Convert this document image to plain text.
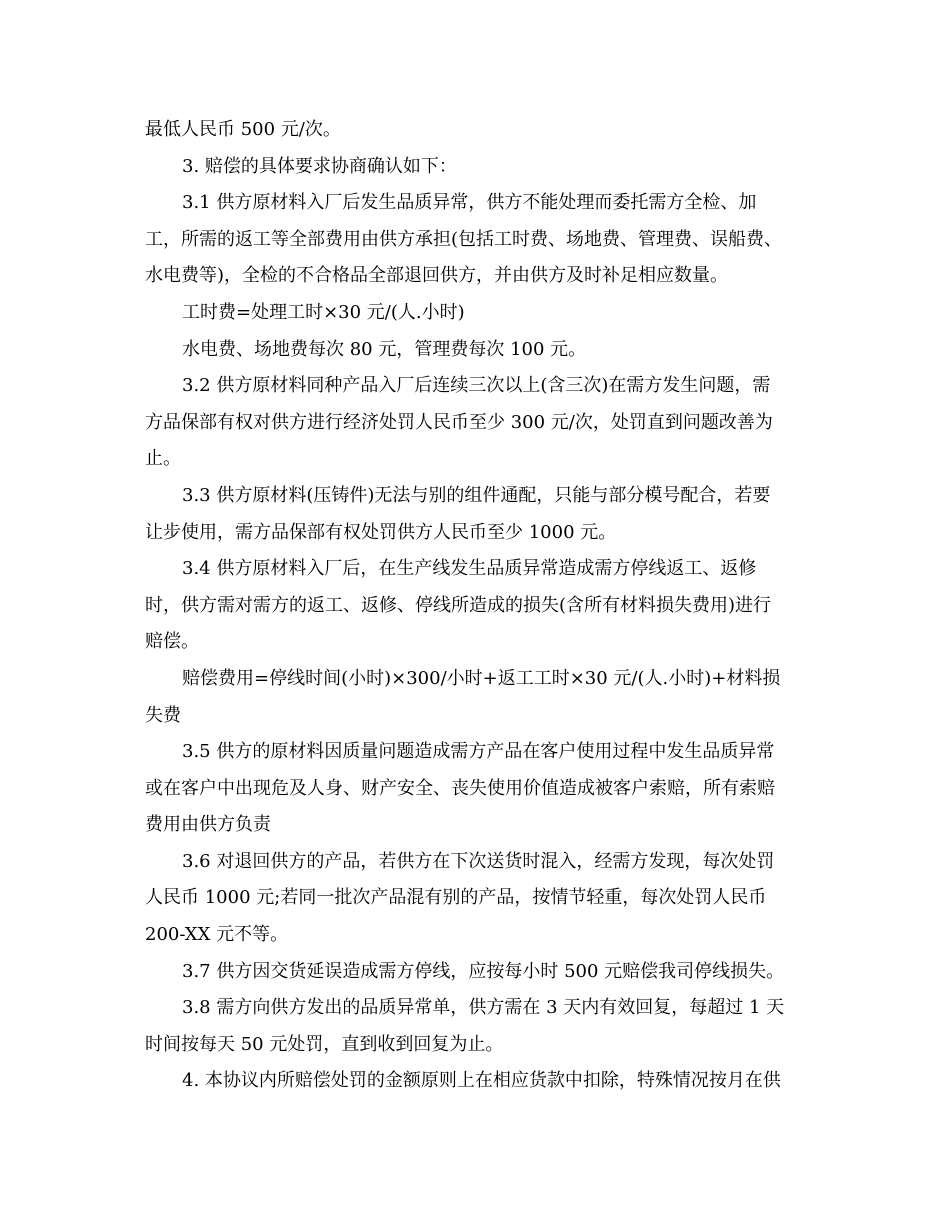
最低人民币 500 元/次。
3. 赔偿的具体要求协商确认如下：
3.1 供方原材料入厂后发生品质异常，供方不能处理而委托需方全检、加
工，所需的返工等全部费用由供方承担(包括工时费、场地费、管理费、误船费、
水电费等)，全检的不合格品全部退回供方，并由供方及时补足相应数量。
工时费=处理工时×30 元/(人.小时)
水电费、场地费每次 80 元，管理费每次 100 元。
3.2 供方原材料同种产品入厂后连续三次以上(含三次)在需方发生问题，需
方品保部有权对供方进行经济处罚人民币至少 300 元/次，处罚直到问题改善为
止。
3.3 供方原材料(压铸件)无法与别的组件通配，只能与部分模号配合，若要
让步使用，需方品保部有权处罚供方人民币至少 1000 元。
3.4 供方原材料入厂后，在生产线发生品质异常造成需方停线返工、返修
时，供方需对需方的返工、返修、停线所造成的损失(含所有材料损失费用)进行
赔偿。
赔偿费用=停线时间(小时)×300/小时+返工工时×30 元/(人.小时)+材料损
失费
3.5 供方的原材料因质量问题造成需方产品在客户使用过程中发生品质异常
或在客户中出现危及人身、财产安全、丧失使用价值造成被客户索赔，所有索赔
费用由供方负责
3.6 对退回供方的产品，若供方在下次送货时混入，经需方发现，每次处罚
人民币 1000 元;若同一批次产品混有别的产品，按情节轻重，每次处罚人民币
200-XX 元不等。
3.7 供方因交货延误造成需方停线，应按每小时 500 元赔偿我司停线损失。
3.8 需方向供方发出的品质异常单，供方需在 3 天内有效回复，每超过 1 天
时间按每天 50 元处罚，直到收到回复为止。
4. 本协议内所赔偿处罚的金额原则上在相应货款中扣除，特殊情况按月在供
